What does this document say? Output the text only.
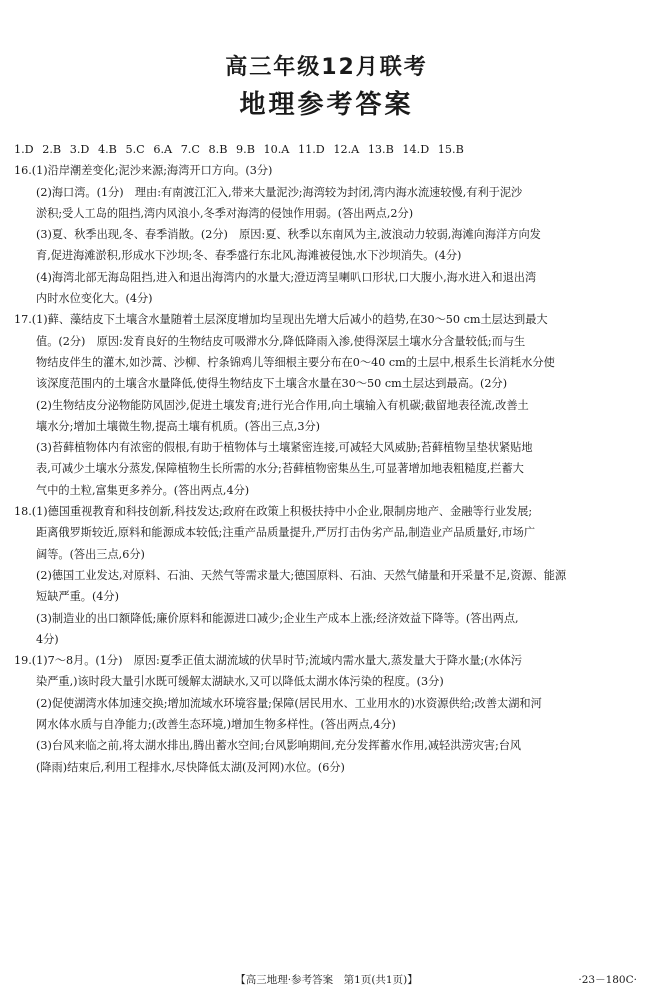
高三年级12月联考
地理参考答案
1.D 2.B 3.D 4.B 5.C 6.A 7.C 8.B 9.B 10.A 11.D 12.A 13.B 14.D 15.B
16.(1)沿岸潮差变化;泥沙来源;海湾开口方向。(3分)
(2)海口湾。(1分)　理由:有南渡江汇入,带来大量泥沙;海湾较为封闭,湾内海水流速较慢,有利于泥沙
淤积;受人工岛的阻挡,湾内风浪小,冬季对海湾的侵蚀作用弱。(答出两点,2分)
(3)夏、秋季出现,冬、春季消散。(2分)　原因:夏、秋季以东南风为主,波浪动力较弱,海滩向海洋方向发
育,促进海滩淤积,形成水下沙坝;冬、春季盛行东北风,海滩被侵蚀,水下沙坝消失。(4分)
(4)海湾北部无海岛阻挡,进入和退出海湾内的水量大;澄迈湾呈喇叭口形状,口大腹小,海水进入和退出湾
内时水位变化大。(4分)
17.(1)藓、藻结皮下土壤含水量随着土层深度增加均呈现出先增大后减小的趋势,在30～50 cm土层达到最大
值。(2分)　原因:发育良好的生物结皮可吸滞水分,降低降雨入渗,使得深层土壤水分含量较低;而与生
物结皮伴生的灌木,如沙蒿、沙柳、柠条锦鸡儿等细根主要分布在0～40 cm的土层中,根系生长消耗水分使
该深度范围内的土壤含水量降低,使得生物结皮下土壤含水量在30～50 cm土层达到最高。(2分)
(2)生物结皮分泌物能防风固沙,促进土壤发育;进行光合作用,向土壤输入有机碳;截留地表径流,改善土
壤水分;增加土壤微生物,提高土壤有机质。(答出三点,3分)
(3)苔藓植物体内有浓密的假根,有助于植物体与土壤紧密连接,可减轻大风威胁;苔藓植物呈垫状紧贴地
表,可减少土壤水分蒸发,保障植物生长所需的水分;苔藓植物密集丛生,可显著增加地表粗糙度,拦蓄大
气中的土粒,富集更多养分。(答出两点,4分)
18.(1)德国重视教育和科技创新,科技发达;政府在政策上积极扶持中小企业,限制房地产、金融等行业发展;
距离俄罗斯较近,原料和能源成本较低;注重产品质量提升,严厉打击伪劣产品,制造业产品质量好,市场广
阔等。(答出三点,6分)
(2)德国工业发达,对原料、石油、天然气等需求量大;德国原料、石油、天然气储量和开采量不足,资源、能源
短缺严重。(4分)
(3)制造业的出口额降低;廉价原料和能源进口减少;企业生产成本上涨;经济效益下降等。(答出两点,
4分)
19.(1)7～8月。(1分)　原因:夏季正值太湖流域的伏旱时节;流域内需水量大,蒸发量大于降水量;(水体污
染严重,)该时段大量引水既可缓解太湖缺水,又可以降低太湖水体污染的程度。(3分)
(2)促使湖湾水体加速交换;增加流域水环境容量;保障(居民用水、工业用水的)水资源供给;改善太湖和河
网水体水质与自净能力;(改善生态环境,)增加生物多样性。(答出两点,4分)
(3)台风来临之前,将太湖水排出,腾出蓄水空间;台风影响期间,充分发挥蓄水作用,减轻洪涝灾害;台风
(降雨)结束后,利用工程排水,尽快降低太湖(及河网)水位。(6分)
【高三地理·参考答案　第1页(共1页)】	·23－180C·
